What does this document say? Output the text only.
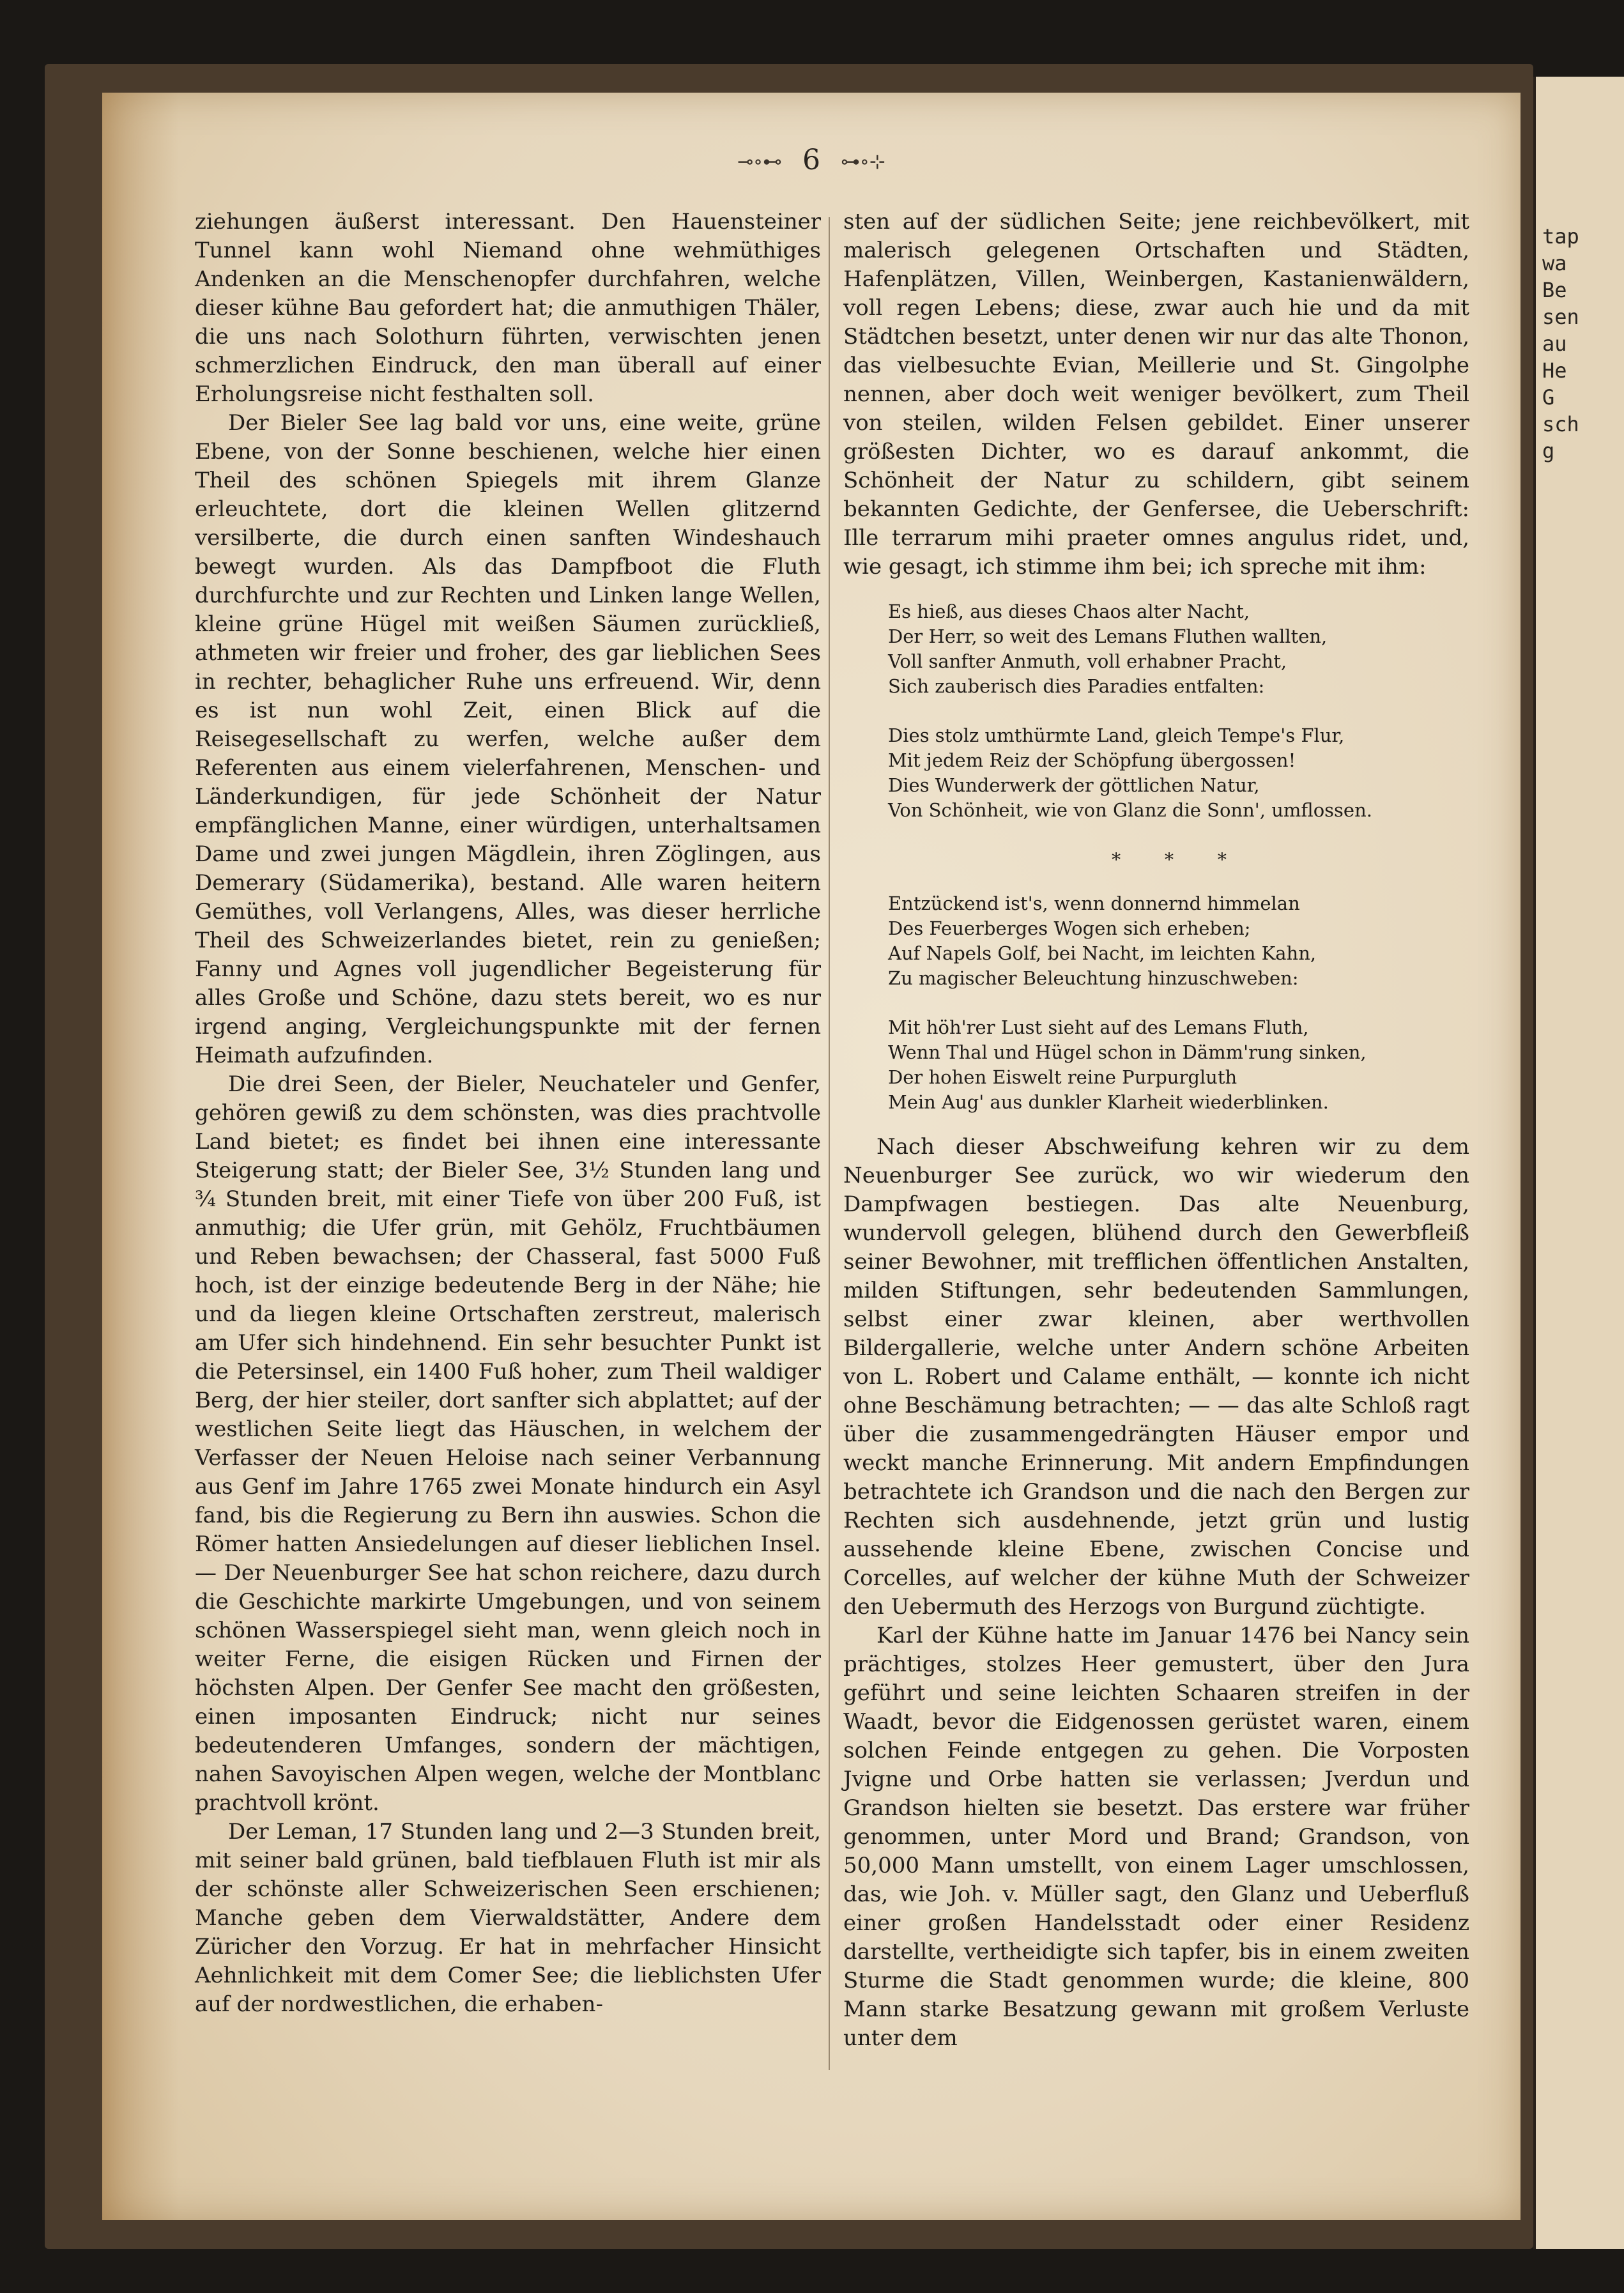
tap
wa
Be
sen
au
He
G
sch
g
⊸∘⊷ 6 ⊶∘⊹

ziehungen äußerst interessant. Den Hauensteiner Tunnel kann wohl Niemand ohne wehmüthiges Andenken an die Menschenopfer durchfahren, welche dieser kühne Bau gefordert hat; die anmuthigen Thäler, die uns nach Solothurn führten, verwischten jenen schmerzlichen Eindruck, den man überall auf einer Erholungsreise nicht festhalten soll.

Der Bieler See lag bald vor uns, eine weite, grüne Ebene, von der Sonne beschienen, welche hier einen Theil des schönen Spiegels mit ihrem Glanze erleuchtete, dort die kleinen Wellen glitzernd versilberte, die durch einen sanften Windeshauch bewegt wurden. Als das Dampfboot die Fluth durchfurchte und zur Rechten und Linken lange Wellen, kleine grüne Hügel mit weißen Säumen zurückließ, athmeten wir freier und froher, des gar lieblichen Sees in rechter, behaglicher Ruhe uns erfreuend. Wir, denn es ist nun wohl Zeit, einen Blick auf die Reisegesellschaft zu werfen, welche außer dem Referenten aus einem vielerfahrenen, Menschen- und Länderkundigen, für jede Schönheit der Natur empfänglichen Manne, einer würdigen, unterhaltsamen Dame und zwei jungen Mägdlein, ihren Zöglingen, aus Demerary (Südamerika), bestand. Alle waren heitern Gemüthes, voll Verlangens, Alles, was dieser herrliche Theil des Schweizerlandes bietet, rein zu genießen; Fanny und Agnes voll jugendlicher Begeisterung für alles Große und Schöne, dazu stets bereit, wo es nur irgend anging, Vergleichungspunkte mit der fernen Heimath aufzufinden.

Die drei Seen, der Bieler, Neuchateler und Genfer, gehören gewiß zu dem schönsten, was dies prachtvolle Land bietet; es findet bei ihnen eine interessante Steigerung statt; der Bieler See, 3½ Stunden lang und ¾ Stunden breit, mit einer Tiefe von über 200 Fuß, ist anmuthig; die Ufer grün, mit Gehölz, Fruchtbäumen und Reben bewachsen; der Chasseral, fast 5000 Fuß hoch, ist der einzige bedeutende Berg in der Nähe; hie und da liegen kleine Ortschaften zerstreut, malerisch am Ufer sich hindehnend. Ein sehr besuchter Punkt ist die Petersinsel, ein 1400 Fuß hoher, zum Theil waldiger Berg, der hier steiler, dort sanfter sich abplattet; auf der westlichen Seite liegt das Häuschen, in welchem der Verfasser der Neuen Heloise nach seiner Verbannung aus Genf im Jahre 1765 zwei Monate hindurch ein Asyl fand, bis die Regierung zu Bern ihn auswies. Schon die Römer hatten Ansiedelungen auf dieser lieblichen Insel. — Der Neuenburger See hat schon reichere, dazu durch die Geschichte markirte Umgebungen, und von seinem schönen Wasserspiegel sieht man, wenn gleich noch in weiter Ferne, die eisigen Rücken und Firnen der höchsten Alpen. Der Genfer See macht den größesten, einen imposanten Eindruck; nicht nur seines bedeutenderen Umfanges, sondern der mächtigen, nahen Savoyischen Alpen wegen, welche der Montblanc prachtvoll krönt.

Der Leman, 17 Stunden lang und 2—3 Stunden breit, mit seiner bald grünen, bald tiefblauen Fluth ist mir als der schönste aller Schweizerischen Seen erschienen; Manche geben dem Vierwaldstätter, Andere dem Züricher den Vorzug. Er hat in mehrfacher Hinsicht Aehnlichkeit mit dem Comer See; die lieblichsten Ufer auf der nordwestlichen, die erhaben-

sten auf der südlichen Seite; jene reichbevölkert, mit malerisch gelegenen Ortschaften und Städten, Hafenplätzen, Villen, Weinbergen, Kastanienwäldern, voll regen Lebens; diese, zwar auch hie und da mit Städtchen besetzt, unter denen wir nur das alte Thonon, das vielbesuchte Evian, Meillerie und St. Gingolphe nennen, aber doch weit weniger bevölkert, zum Theil von steilen, wilden Felsen gebildet. Einer unserer größesten Dichter, wo es darauf ankommt, die Schönheit der Natur zu schildern, gibt seinem bekannten Gedichte, der Genfersee, die Ueberschrift: Ille terrarum mihi praeter omnes angulus ridet, und, wie gesagt, ich stimme ihm bei; ich spreche mit ihm:

Es hieß, aus dieses Chaos alter Nacht,
Der Herr, so weit des Lemans Fluthen wallten,
Voll sanfter Anmuth, voll erhabner Pracht,
Sich zauberisch dies Paradies entfalten:
Dies stolz umthürmte Land, gleich Tempe's Flur,
Mit jedem Reiz der Schöpfung übergossen!
Dies Wunderwerk der göttlichen Natur,
Von Schönheit, wie von Glanz die Sonn', umflossen.
* * *
Entzückend ist's, wenn donnernd himmelan
Des Feuerberges Wogen sich erheben;
Auf Napels Golf, bei Nacht, im leichten Kahn,
Zu magischer Beleuchtung hinzuschweben:
Mit höh'rer Lust sieht auf des Lemans Fluth,
Wenn Thal und Hügel schon in Dämm'rung sinken,
Der hohen Eiswelt reine Purpurgluth
Mein Aug' aus dunkler Klarheit wiederblinken.

Nach dieser Abschweifung kehren wir zu dem Neuenburger See zurück, wo wir wiederum den Dampfwagen bestiegen. Das alte Neuenburg, wundervoll gelegen, blühend durch den Gewerbfleiß seiner Bewohner, mit trefflichen öffentlichen Anstalten, milden Stiftungen, sehr bedeutenden Sammlungen, selbst einer zwar kleinen, aber werthvollen Bildergallerie, welche unter Andern schöne Arbeiten von L. Robert und Calame enthält, — konnte ich nicht ohne Beschämung betrachten; — — das alte Schloß ragt über die zusammengedrängten Häuser empor und weckt manche Erinnerung. Mit andern Empfindungen betrachtete ich Grandson und die nach den Bergen zur Rechten sich ausdehnende, jetzt grün und lustig aussehende kleine Ebene, zwischen Concise und Corcelles, auf welcher der kühne Muth der Schweizer den Uebermuth des Herzogs von Burgund züchtigte.

Karl der Kühne hatte im Januar 1476 bei Nancy sein prächtiges, stolzes Heer gemustert, über den Jura geführt und seine leichten Schaaren streifen in der Waadt, bevor die Eidgenossen gerüstet waren, einem solchen Feinde entgegen zu gehen. Die Vorposten Jvigne und Orbe hatten sie verlassen; Jverdun und Grandson hielten sie besetzt. Das erstere war früher genommen, unter Mord und Brand; Grandson, von 50,000 Mann umstellt, von einem Lager umschlossen, das, wie Joh. v. Müller sagt, den Glanz und Ueberfluß einer großen Handelsstadt oder einer Residenz darstellte, vertheidigte sich tapfer, bis in einem zweiten Sturme die Stadt genommen wurde; die kleine, 800 Mann starke Besatzung gewann mit großem Verluste unter dem
